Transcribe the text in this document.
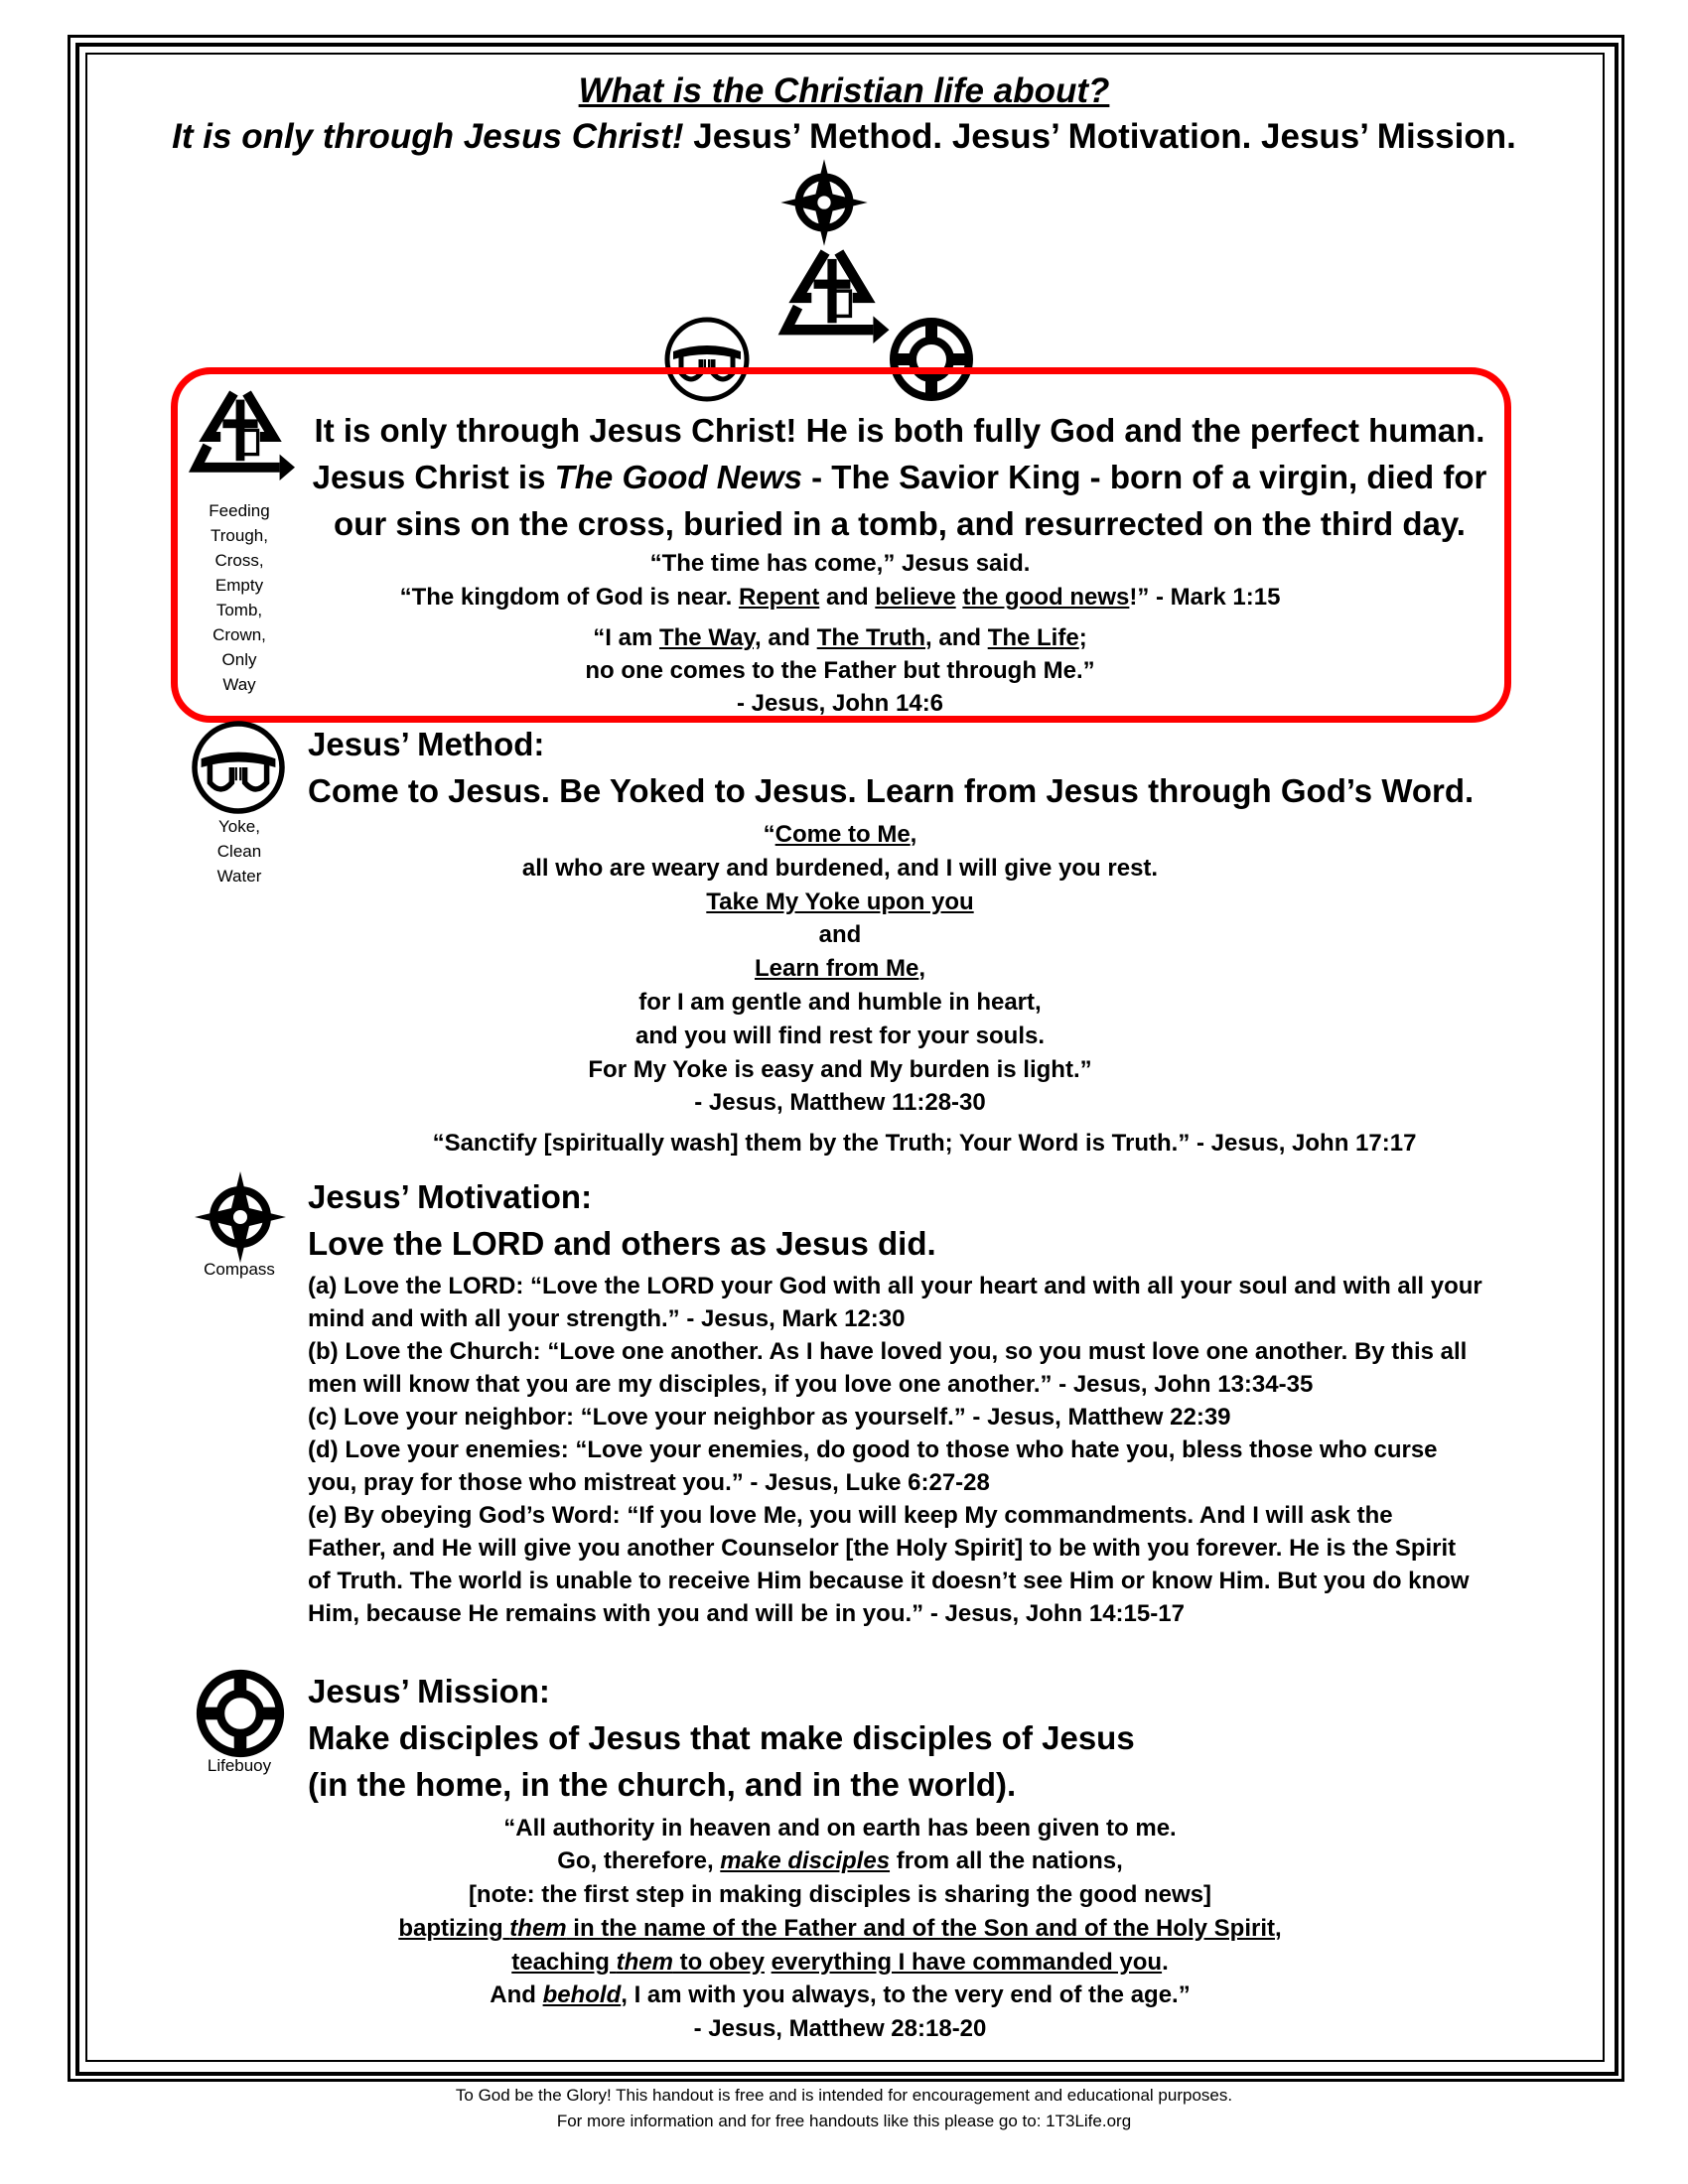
What is the Christian life about?
It is only through Jesus Christ! Jesus’ Method. Jesus’ Motivation. Jesus’ Mission.
Feeding
Trough,
Cross,
Empty
Tomb,
Crown,
Only
Way
It is only through Jesus Christ! He is both fully God and the perfect human.
Jesus Christ is The Good News - The Savior King - born of a virgin, died for
our sins on the cross, buried in a tomb, and resurrected on the third day.
“The time has come,” Jesus said.
“The kingdom of God is near. Repent and believe the good news!” - Mark 1:15
“I am The Way, and The Truth, and The Life;
no one comes to the Father but through Me.”
- Jesus, John 14:6
Yoke,
Clean
Water
Jesus’ Method:
Come to Jesus. Be Yoked to Jesus. Learn from Jesus through God’s Word.
“Come to Me,
all who are weary and burdened, and I will give you rest.
Take My Yoke upon you
and
Learn from Me,
for I am gentle and humble in heart,
and you will find rest for your souls.
For My Yoke is easy and My burden is light.”
- Jesus, Matthew 11:28-30
“Sanctify [spiritually wash] them by the Truth; Your Word is Truth.” - Jesus, John 17:17
Compass
Jesus’ Motivation:
Love the LORD and others as Jesus did.
(a) Love the LORD: “Love the LORD your God with all your heart and with all your soul and with all your
mind and with all your strength.” - Jesus, Mark 12:30
(b) Love the Church: “Love one another. As I have loved you, so you must love one another. By this all
men will know that you are my disciples, if you love one another.” - Jesus, John 13:34-35
(c) Love your neighbor: “Love your neighbor as yourself.” - Jesus, Matthew 22:39
(d) Love your enemies: “Love your enemies, do good to those who hate you, bless those who curse
you, pray for those who mistreat you.” - Jesus, Luke 6:27-28
(e) By obeying God’s Word: “If you love Me, you will keep My commandments. And I will ask the
Father, and He will give you another Counselor [the Holy Spirit] to be with you forever. He is the Spirit
of Truth. The world is unable to receive Him because it doesn’t see Him or know Him. But you do know
Him, because He remains with you and will be in you.” - Jesus, John 14:15-17
Lifebuoy
Jesus’ Mission:
Make disciples of Jesus that make disciples of Jesus
(in the home, in the church, and in the world).
“All authority in heaven and on earth has been given to me.
Go, therefore, make disciples from all the nations,
[note: the first step in making disciples is sharing the good news]
baptizing them in the name of the Father and of the Son and of the Holy Spirit,
teaching them to obey everything I have commanded you.
And behold, I am with you always, to the very end of the age.”
- Jesus, Matthew 28:18-20
To God be the Glory! This handout is free and is intended for encouragement and educational purposes.
For more information and for free handouts like this please go to: 1T3Life.org
